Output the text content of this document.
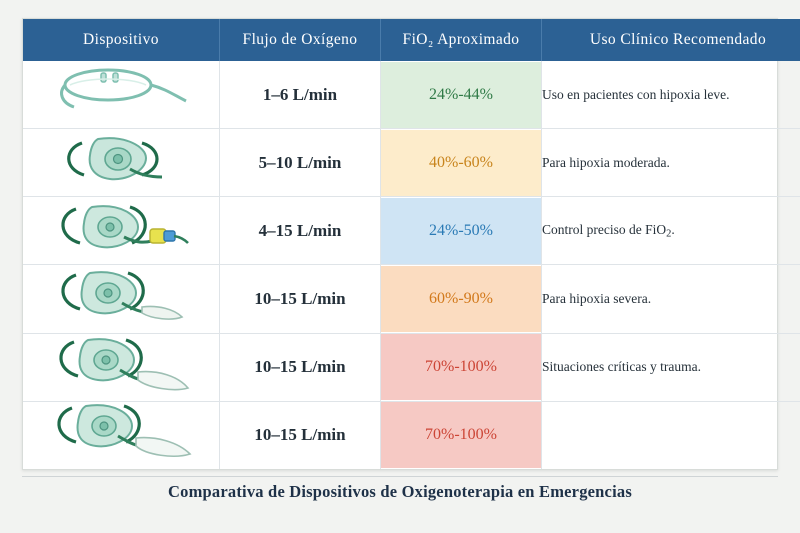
Dispositivo	Flujo de Oxígeno	FiO₂ Aproximado	Uso Clínico Recomendado

	1–6 L/min	24%-44%	Uso en pacientes con hipoxia leve.

	5–10 L/min	40%-60%	Para hipoxia moderada.

	4–15 L/min	24%-50%	Control preciso de FiO$_2$.

	10–15 L/min	60%-90%	Para hipoxia severa.

	10–15 L/min	70%-100%	Situaciones críticas y trauma.

	10–15 L/min	70%-100%	

Comparativa de Dispositivos de Oxigenoterapia en Emergencias
